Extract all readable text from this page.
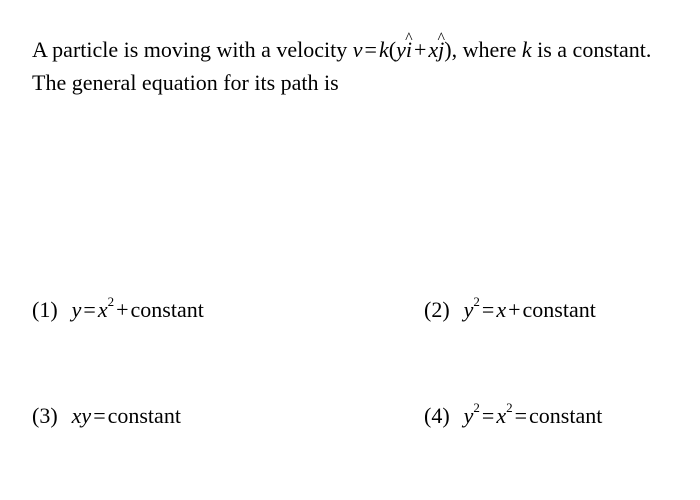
A particle is moving with a velocity v=k(yi ^+xj ^), where k is a constant. The general equation for its path is

(1) $y=x^2+constant$	(2) $y^2=x+constant$
(3) xy=constant	(4) $y^2=x^2=constant$
